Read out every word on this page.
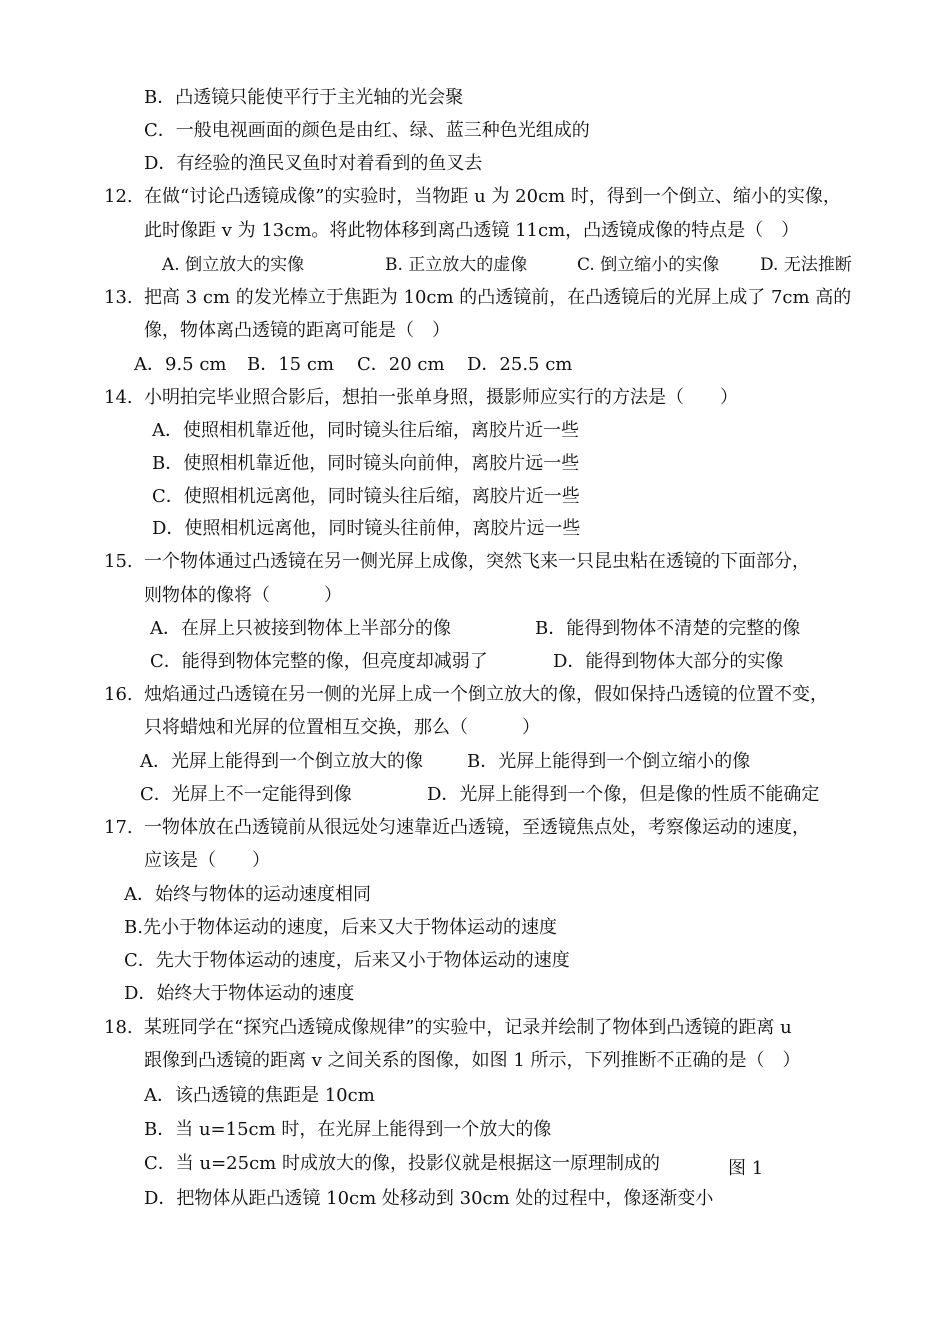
B．凸透镜只能使平行于主光轴的光会聚
C．一般电视画面的颜色是由红、绿、蓝三种色光组成的
D．有经验的渔民叉鱼时对着看到的鱼叉去
12. 在做“讨论凸透镜成像”的实验时，当物距 u 为 20cm 时，得到一个倒立、缩小的实像，
此时像距 v 为 13cm。将此物体移到离凸透镜 11cm，凸透镜成像的特点是（　）
A. 倒立放大的实像	B. 正立放大的虚像	C. 倒立缩小的实像 D. 无法推断
13. 把高 3 cm 的发光棒立于焦距为 10cm 的凸透镜前，在凸透镜后的光屏上成了 7cm 高的
像，物体离凸透镜的距离可能是（　）
A．9.5 cm B．15 cm C．20 cm D．25.5 cm
14. 小明拍完毕业照合影后，想拍一张单身照，摄影师应实行的方法是（　　）
A．使照相机靠近他，同时镜头往后缩，离胶片近一些
B．使照相机靠近他，同时镜头向前伸，离胶片远一些
C．使照相机远离他，同时镜头往后缩，离胶片近一些
D．使照相机远离他，同时镜头往前伸，离胶片远一些
15. 一个物体通过凸透镜在另一侧光屏上成像，突然飞来一只昆虫粘在透镜的下面部分，
则物体的像将（　　　）
A．在屏上只被接到物体上半部分的像	B．能得到物体不清楚的完整的像
C．能得到物体完整的像，但亮度却减弱了	D．能得到物体大部分的实像
16. 烛焰通过凸透镜在另一侧的光屏上成一个倒立放大的像，假如保持凸透镜的位置不变，
只将蜡烛和光屏的位置相互交换，那么（　　　）
A．光屏上能得到一个倒立放大的像 B．光屏上能得到一个倒立缩小的像
C．光屏上不一定能得到像	D．光屏上能得到一个像，但是像的性质不能确定
17. 一物体放在凸透镜前从很远处匀速靠近凸透镜，至透镜焦点处，考察像运动的速度，
应该是（　　）
A．始终与物体的运动速度相同
B.先小于物体运动的速度，后来又大于物体运动的速度
C．先大于物体运动的速度，后来又小于物体运动的速度
D．始终大于物体运动的速度
18. 某班同学在“探究凸透镜成像规律”的实验中，记录并绘制了物体到凸透镜的距离 u
跟像到凸透镜的距离 v 之间关系的图像，如图 1 所示，下列推断不正确的是（　）
A．该凸透镜的焦距是 10cm
B．当 u=15cm 时，在光屏上能得到一个放大的像
C．当 u=25cm 时成放大的像，投影仪就是根据这一原理制成的	图 1
D．把物体从距凸透镜 10cm 处移动到 30cm 处的过程中，像逐渐变小
